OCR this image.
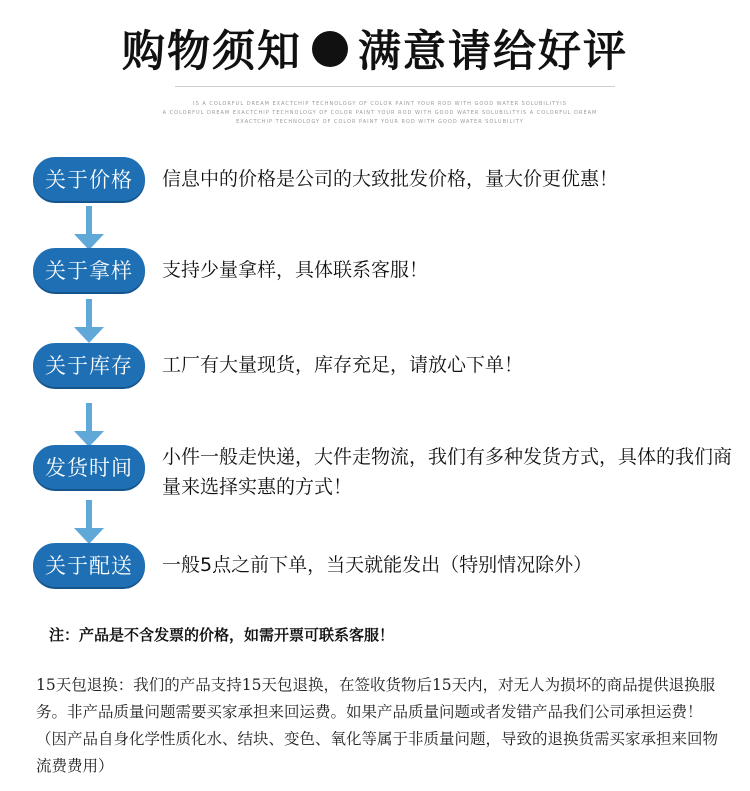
购物须知 满意请给好评
IS A COLORFUL DREAM EXACTCHIP TECHNOLOGY OF COLOR PAINT YOUR ROD WITH GOOD WATER SOLUBILITYIS
A COLORFUL DREAM EXACTCHIP TECHNOLOGY OF COLOR PAINT YOUR ROD WITH GOOD WATER SOLUBILITYIS A COLORFUL DREAM
EXACTCHIP TECHNOLOGY OF COLOR PAINT YOUR ROD WITH GOOD WATER SOLUBILITY
关于价格	信息中的价格是公司的大致批发价格，量大价更优惠！
关于拿样	支持少量拿样，具体联系客服！
关于库存	工厂有大量现货，库存充足，请放心下单！
发货时间	小件一般走快递，大件走物流，我们有多种发货方式，具体的我们商量来选择实惠的方式！
关于配送	一般5点之前下单，当天就能发出（特别情况除外）
注：产品是不含发票的价格，如需开票可联系客服！
15天包退换：我们的产品支持15天包退换，在签收货物后15天内，对无人为损坏的商品提供退换服务。非产品质量问题需要买家承担来回运费。如果产品质量问题或者发错产品我们公司承担运费！（因产品自身化学性质化水、结块、变色、氧化等属于非质量问题，导致的退换货需买家承担来回物流费费用）
